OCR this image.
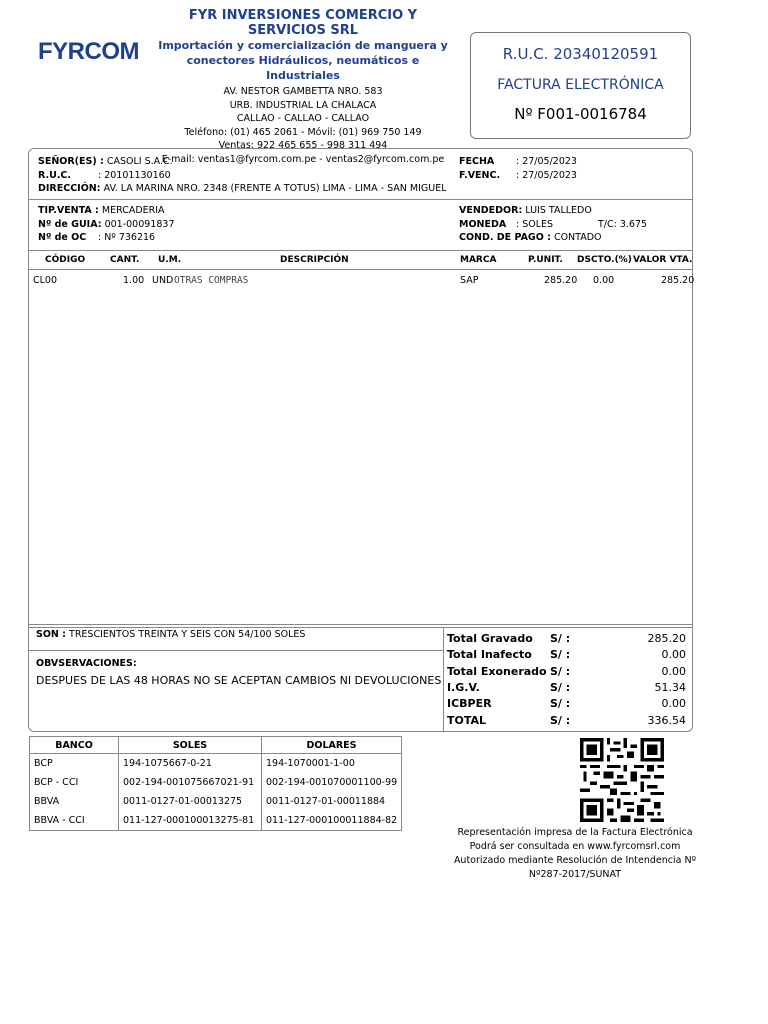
FYRCOM
FYR INVERSIONES COMERCIO Y SERVICIOS SRL
Importación y comercialización de manguera y
conectores Hidráulicos, neumáticos e Industriales
AV. NESTOR GAMBETTA NRO. 583
URB. INDUSTRIAL LA CHALACA
CALLAO - CALLAO - CALLAO
Teléfono: (01) 465 2061 - Móvil: (01) 969 750 149
Ventas: 922 465 655 - 998 311 494
E-mail: ventas1@fyrcom.com.pe - ventas2@fyrcom.com.pe
R.U.C. 20340120591
FACTURA ELECTRÓNICA
Nº F001-0016784
SEÑOR(ES) : CASOLI S.A.C.
R.U.C.	: 20101130160
DIRECCIÓN: AV. LA MARINA NRO. 2348 (FRENTE A TOTUS) LIMA - LIMA - SAN MIGUEL
FECHA : 27/05/2023
F.VENC. : 27/05/2023
TIP.VENTA : MERCADERIA
Nº de GUIA: 001-00091837
Nº de OC : Nº 736216
VENDEDOR: LUIS TALLEDO
MONEDA : SOLES	T/C: 3.675
COND. DE PAGO : CONTADO
CÓDIGO	CANT. U.M.	DESCRIPCIÓN	MARCA	P.UNIT. DSCTO.(%) VALOR VTA.
CL00	1.00 UND OTRAS COMPRAS	SAP	285.20 0.00	285.20
SON : TRESCIENTOS TREINTA Y SEIS CON 54/100 SOLES
OBVSERVACIONES:
DESPUES DE LAS 48 HORAS NO SE ACEPTAN CAMBIOS NI DEVOLUCIONES
Total Gravado S/ :	285.20
Total Inafecto S/ :	0.00
Total Exonerado S/ :	0.00
I.G.V.	S/ :	51.34
ICBPER	S/ :	0.00
TOTAL	S/ :	336.54
BANCO	SOLES	DOLARES
BCP	194-1075667-0-21	194-1070001-1-00
BCP - CCI	002-194-001075667021-91	002-194-001070001100-99
BBVA	0011-0127-01-00013275	0011-0127-01-00011884
BBVA - CCI	011-127-000100013275-81	011-127-000100011884-82
Representación impresa de la Factura Electrónica
Podrá ser consultada en www.fyrcomsrl.com
Autorizado mediante Resolución de Intendencia Nº
Nº287-2017/SUNAT
